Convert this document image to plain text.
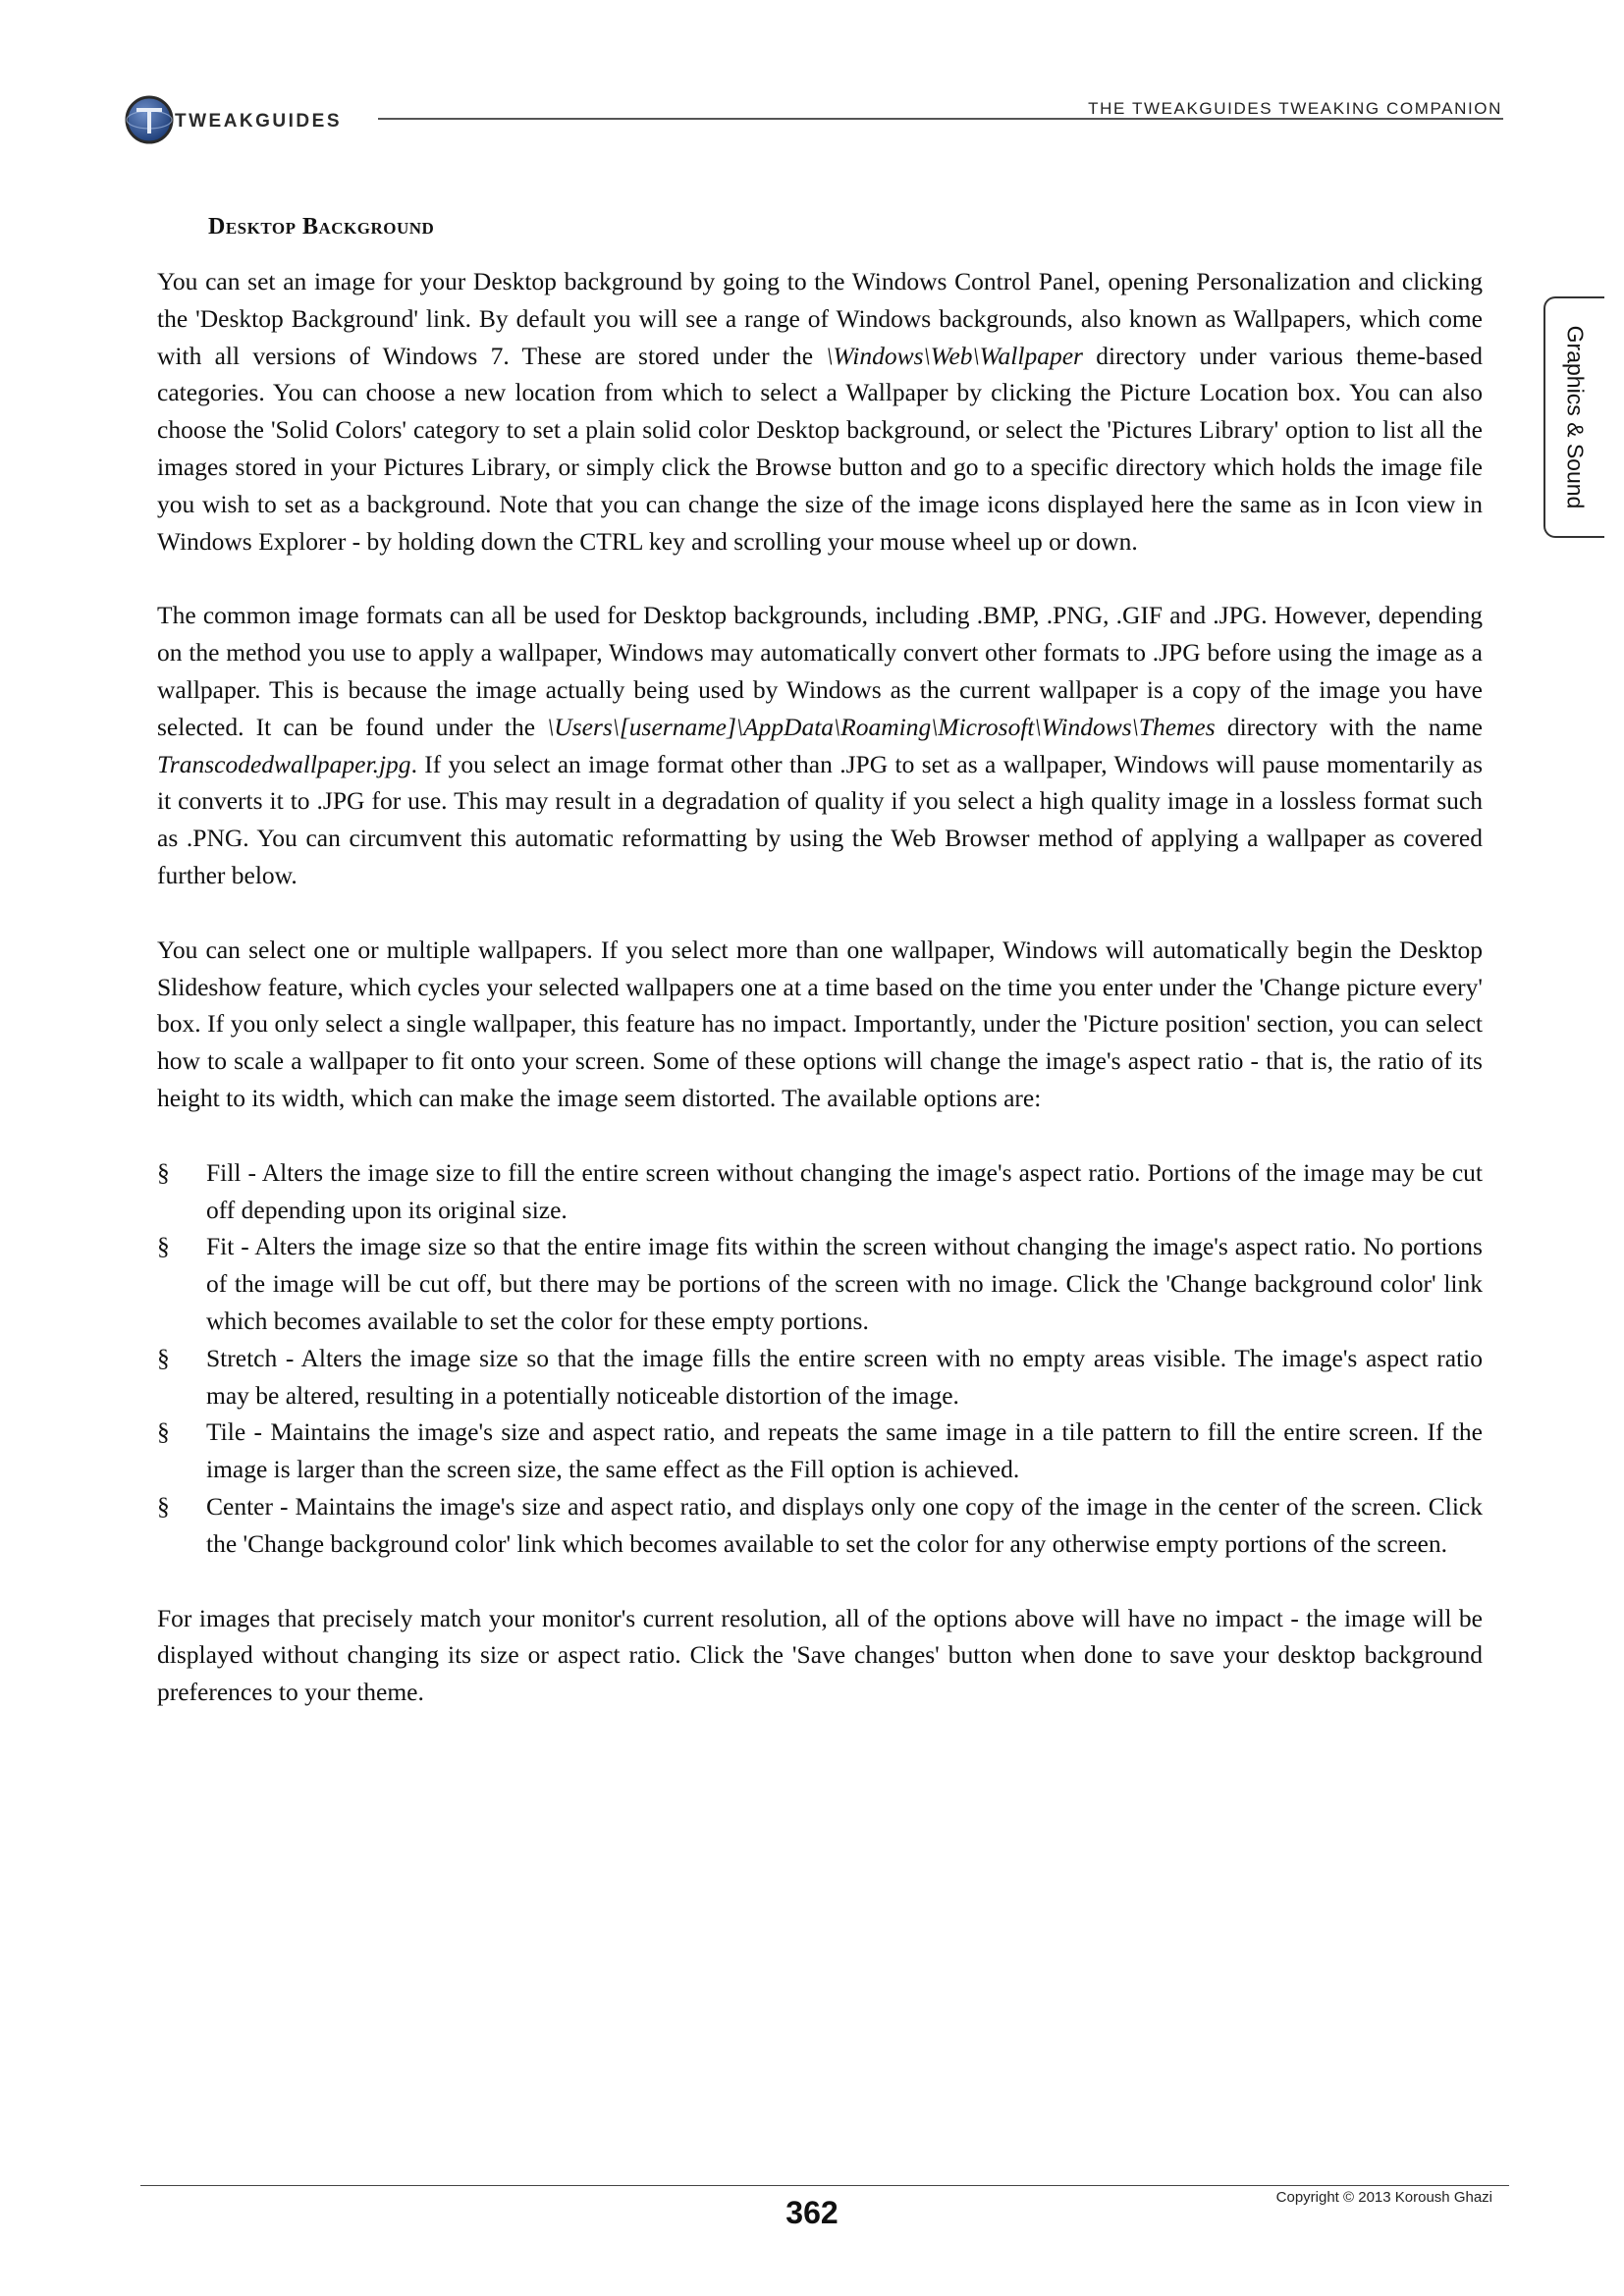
TWEAKGUIDES
THE TWEAKGUIDES TWEAKING COMPANION
Graphics & Sound
Desktop Background

You can set an image for your Desktop background by going to the Windows Control Panel, opening Personalization and clicking the 'Desktop Background' link. By default you will see a range of Windows backgrounds, also known as Wallpapers, which come with all versions of Windows 7. These are stored under the \Windows\Web\Wallpaper directory under various theme-based categories. You can choose a new location from which to select a Wallpaper by clicking the Picture Location box. You can also choose the 'Solid Colors' category to set a plain solid color Desktop background, or select the 'Pictures Library' option to list all the images stored in your Pictures Library, or simply click the Browse button and go to a specific directory which holds the image file you wish to set as a background. Note that you can change the size of the image icons displayed here the same as in Icon view in Windows Explorer - by holding down the CTRL key and scrolling your mouse wheel up or down.

The common image formats can all be used for Desktop backgrounds, including .BMP, .PNG, .GIF and .JPG. However, depending on the method you use to apply a wallpaper, Windows may automatically convert other formats to .JPG before using the image as a wallpaper. This is because the image actually being used by Windows as the current wallpaper is a copy of the image you have selected. It can be found under the \Users\[username]\AppData\Roaming\Microsoft\Windows\Themes directory with the name Transcodedwallpaper.jpg. If you select an image format other than .JPG to set as a wallpaper, Windows will pause momentarily as it converts it to .JPG for use. This may result in a degradation of quality if you select a high quality image in a lossless format such as .PNG. You can circumvent this automatic reformatting by using the Web Browser method of applying a wallpaper as covered further below.

You can select one or multiple wallpapers. If you select more than one wallpaper, Windows will automatically begin the Desktop Slideshow feature, which cycles your selected wallpapers one at a time based on the time you enter under the 'Change picture every' box. If you only select a single wallpaper, this feature has no impact. Importantly, under the 'Picture position' section, you can select how to scale a wallpaper to fit onto your screen. Some of these options will change the image's aspect ratio - that is, the ratio of its height to its width, which can make the image seem distorted. The available options are:

§ Fill - Alters the image size to fill the entire screen without changing the image's aspect ratio. Portions of the image may be cut off depending upon its original size.
§ Fit - Alters the image size so that the entire image fits within the screen without changing the image's aspect ratio. No portions of the image will be cut off, but there may be portions of the screen with no image. Click the 'Change background color' link which becomes available to set the color for these empty portions.
§ Stretch - Alters the image size so that the image fills the entire screen with no empty areas visible. The image's aspect ratio may be altered, resulting in a potentially noticeable distortion of the image.
§ Tile - Maintains the image's size and aspect ratio, and repeats the same image in a tile pattern to fill the entire screen. If the image is larger than the screen size, the same effect as the Fill option is achieved.
§ Center - Maintains the image's size and aspect ratio, and displays only one copy of the image in the center of the screen. Click the 'Change background color' link which becomes available to set the color for any otherwise empty portions of the screen.

For images that precisely match your monitor's current resolution, all of the options above will have no impact - the image will be displayed without changing its size or aspect ratio. Click the 'Save changes' button when done to save your desktop background preferences to your theme.

Copyright © 2013 Koroush Ghazi
362
